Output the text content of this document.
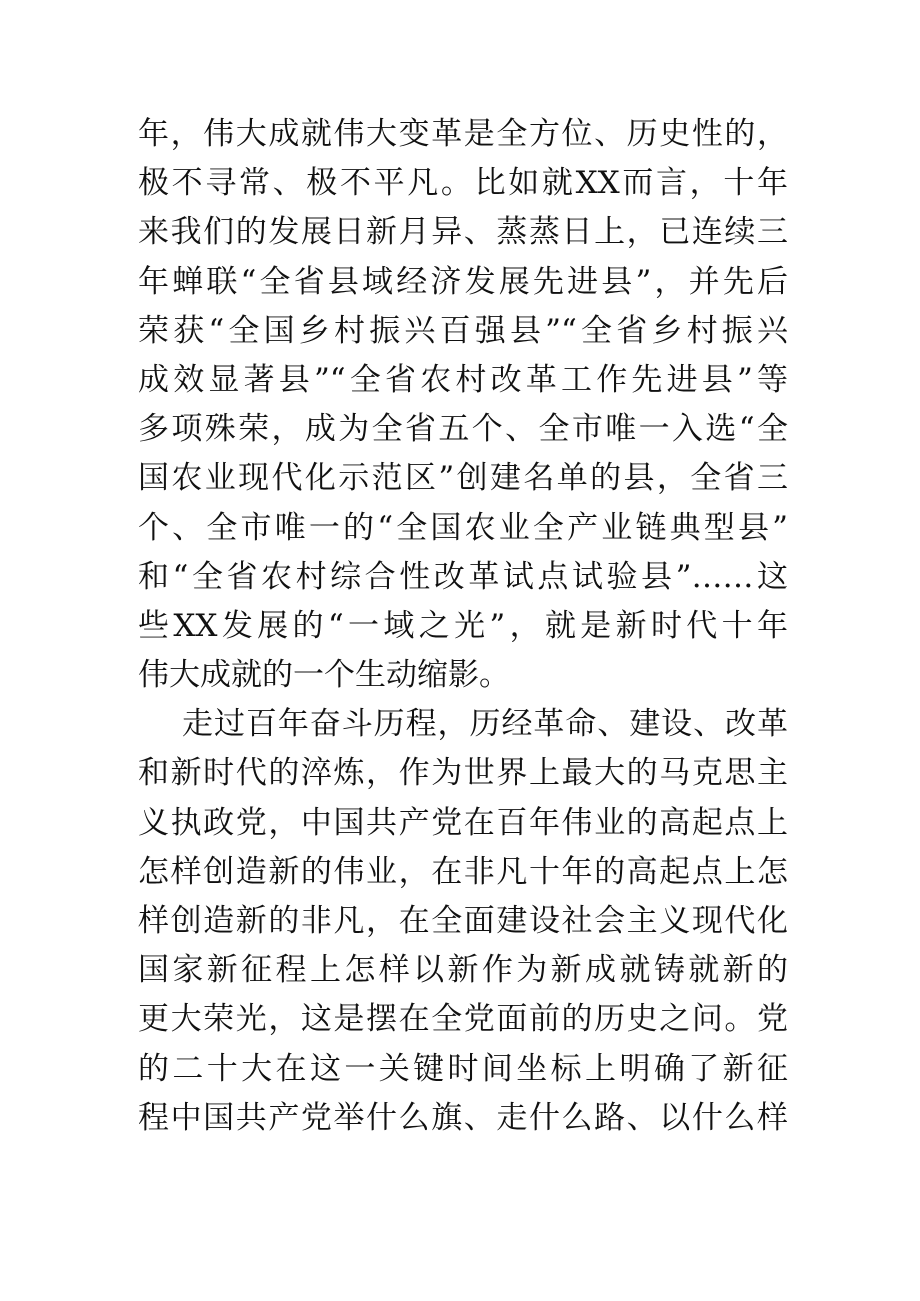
年，伟大成就伟大变革是全方位、历史性的，
极不寻常、极不平凡。比如就XX而言，十年
来我们的发展日新月异、蒸蒸日上，已连续三
年蝉联“全省县域经济发展先进县”，并先后
荣获“全国乡村振兴百强县”“全省乡村振兴
成效显著县”“全省农村改革工作先进县”等
多项殊荣，成为全省五个、全市唯一入选“全
国农业现代化示范区”创建名单的县，全省三
个、全市唯一的“全国农业全产业链典型县”
和“全省农村综合性改革试点试验县”……这
些XX发展的“一域之光”，就是新时代十年
伟大成就的一个生动缩影。
走过百年奋斗历程，历经革命、建设、改革
和新时代的淬炼，作为世界上最大的马克思主
义执政党，中国共产党在百年伟业的高起点上
怎样创造新的伟业，在非凡十年的高起点上怎
样创造新的非凡，在全面建设社会主义现代化
国家新征程上怎样以新作为新成就铸就新的
更大荣光，这是摆在全党面前的历史之问。党
的二十大在这一关键时间坐标上明确了新征
程中国共产党举什么旗、走什么路、以什么样
